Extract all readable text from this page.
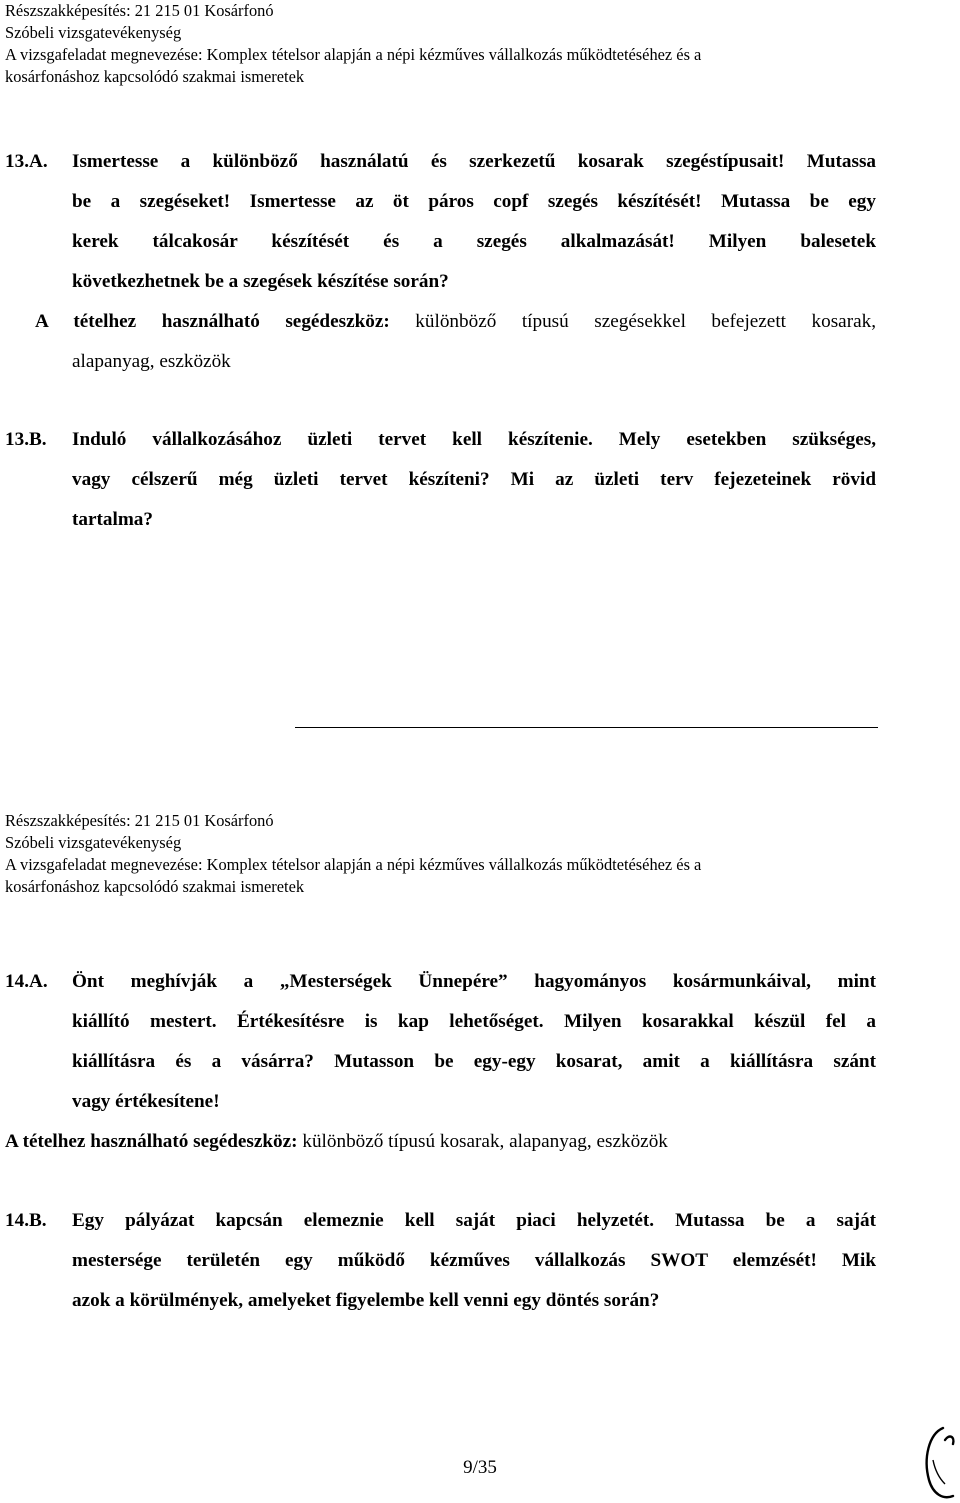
Részszakképesítés: 21 215 01 Kosárfonó
Szóbeli vizsgatevékenység
A vizsgafeladat megnevezése: Komplex tételsor alapján a népi kézműves vállalkozás működtetéséhez és a
kosárfonáshoz kapcsolódó szakmai ismeretek
13.A. Ismertesse a különböző használatú és szerkezetű kosarak szegéstípusait! Mutassa
be a szegéseket! Ismertesse az öt páros copf szegés készítését! Mutassa be egy
kerek tálcakosár készítését és a szegés alkalmazását! Milyen balesetek
következhetnek be a szegések készítése során?
A tételhez használható segédeszköz: különböző típusú szegésekkel befejezett kosarak,
alapanyag, eszközök
13.B. Induló vállalkozásához üzleti tervet kell készítenie. Mely esetekben szükséges,
vagy célszerű még üzleti tervet készíteni? Mi az üzleti terv fejezeteinek rövid
tartalma?
Részszakképesítés: 21 215 01 Kosárfonó
Szóbeli vizsgatevékenység
A vizsgafeladat megnevezése: Komplex tételsor alapján a népi kézműves vállalkozás működtetéséhez és a
kosárfonáshoz kapcsolódó szakmai ismeretek
14.A. Önt meghívják a „Mesterségek Ünnepére” hagyományos kosármunkáival, mint
kiállító mestert. Értékesítésre is kap lehetőséget. Milyen kosarakkal készül fel a
kiállításra és a vásárra? Mutasson be egy-egy kosarat, amit a kiállításra szánt
vagy értékesítene!
A tételhez használható segédeszköz: különböző típusú kosarak, alapanyag, eszközök
14.B. Egy pályázat kapcsán elemeznie kell saját piaci helyzetét. Mutassa be a saját
mestersége területén egy működő kézműves vállalkozás SWOT elemzését! Mik
azok a körülmények, amelyeket figyelembe kell venni egy döntés során?
9/35
